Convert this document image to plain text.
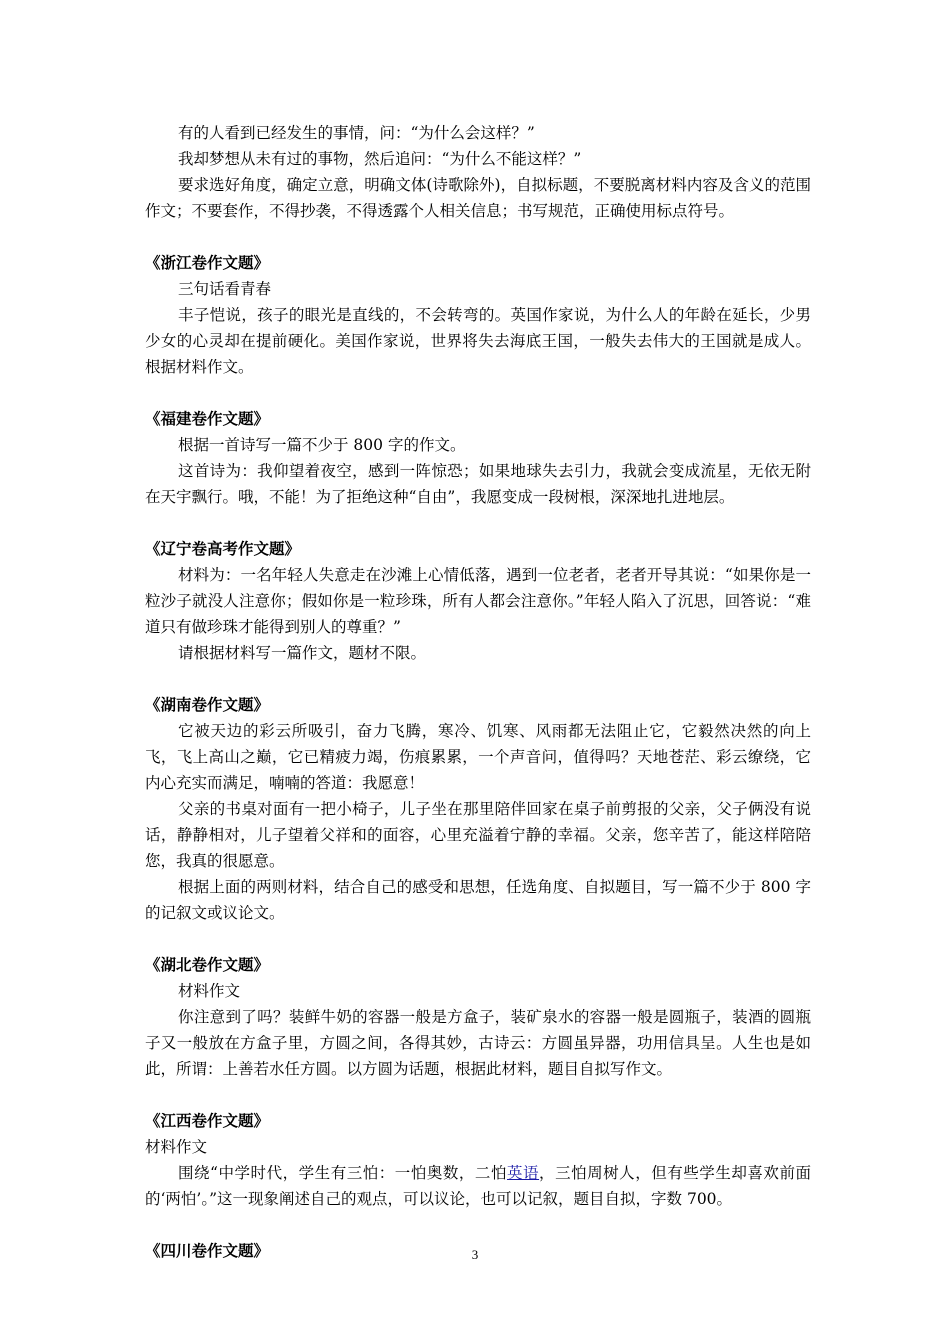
有的人看到已经发生的事情，问：“为什么会这样？”

我却梦想从未有过的事物，然后追问：“为什么不能这样？”

要求选好角度，确定立意，明确文体(诗歌除外)，自拟标题，不要脱离材料内容及含义的范围作文；不要套作，不得抄袭，不得透露个人相关信息；书写规范，正确使用标点符号。

《浙江卷作文题》

三句话看青春

丰子恺说，孩子的眼光是直线的，不会转弯的。英国作家说，为什么人的年龄在延长，少男少女的心灵却在提前硬化。美国作家说，世界将失去海底王国，一般失去伟大的王国就是成人。根据材料作文。

《福建卷作文题》

根据一首诗写一篇不少于 800 字的作文。

这首诗为：我仰望着夜空，感到一阵惊恐；如果地球失去引力，我就会变成流星，无依无附在天宇飘行。哦，不能！为了拒绝这种“自由”，我愿变成一段树根，深深地扎进地层。

《辽宁卷高考作文题》

材料为：一名年轻人失意走在沙滩上心情低落，遇到一位老者，老者开导其说：“如果你是一粒沙子就没人注意你；假如你是一粒珍珠，所有人都会注意你。”年轻人陷入了沉思，回答说：“难道只有做珍珠才能得到别人的尊重？”

请根据材料写一篇作文，题材不限。

《湖南卷作文题》

它被天边的彩云所吸引，奋力飞腾，寒冷、饥寒、风雨都无法阻止它，它毅然决然的向上飞，飞上高山之巅，它已精疲力竭，伤痕累累，一个声音问，值得吗？天地苍茫、彩云缭绕，它内心充实而满足，喃喃的答道：我愿意！

父亲的书桌对面有一把小椅子，儿子坐在那里陪伴回家在桌子前剪报的父亲，父子俩没有说话，静静相对，儿子望着父祥和的面容，心里充溢着宁静的幸福。父亲，您辛苦了，能这样陪陪您，我真的很愿意。

根据上面的两则材料，结合自己的感受和思想，任选角度、自拟题目，写一篇不少于 800 字的记叙文或议论文。

《湖北卷作文题》

材料作文

你注意到了吗？装鲜牛奶的容器一般是方盒子，装矿泉水的容器一般是圆瓶子，装酒的圆瓶子又一般放在方盒子里，方圆之间，各得其妙，古诗云：方圆虽异器，功用信具呈。人生也是如此，所谓：上善若水任方圆。以方圆为话题，根据此材料，题目自拟写作文。

《江西卷作文题》

材料作文

围绕“中学时代，学生有三怕：一怕奥数，二怕英语，三怕周树人，但有些学生却喜欢前面的‘两怕’。”这一现象阐述自己的观点，可以议论，也可以记叙，题目自拟，字数 700。

《四川卷作文题》	3
